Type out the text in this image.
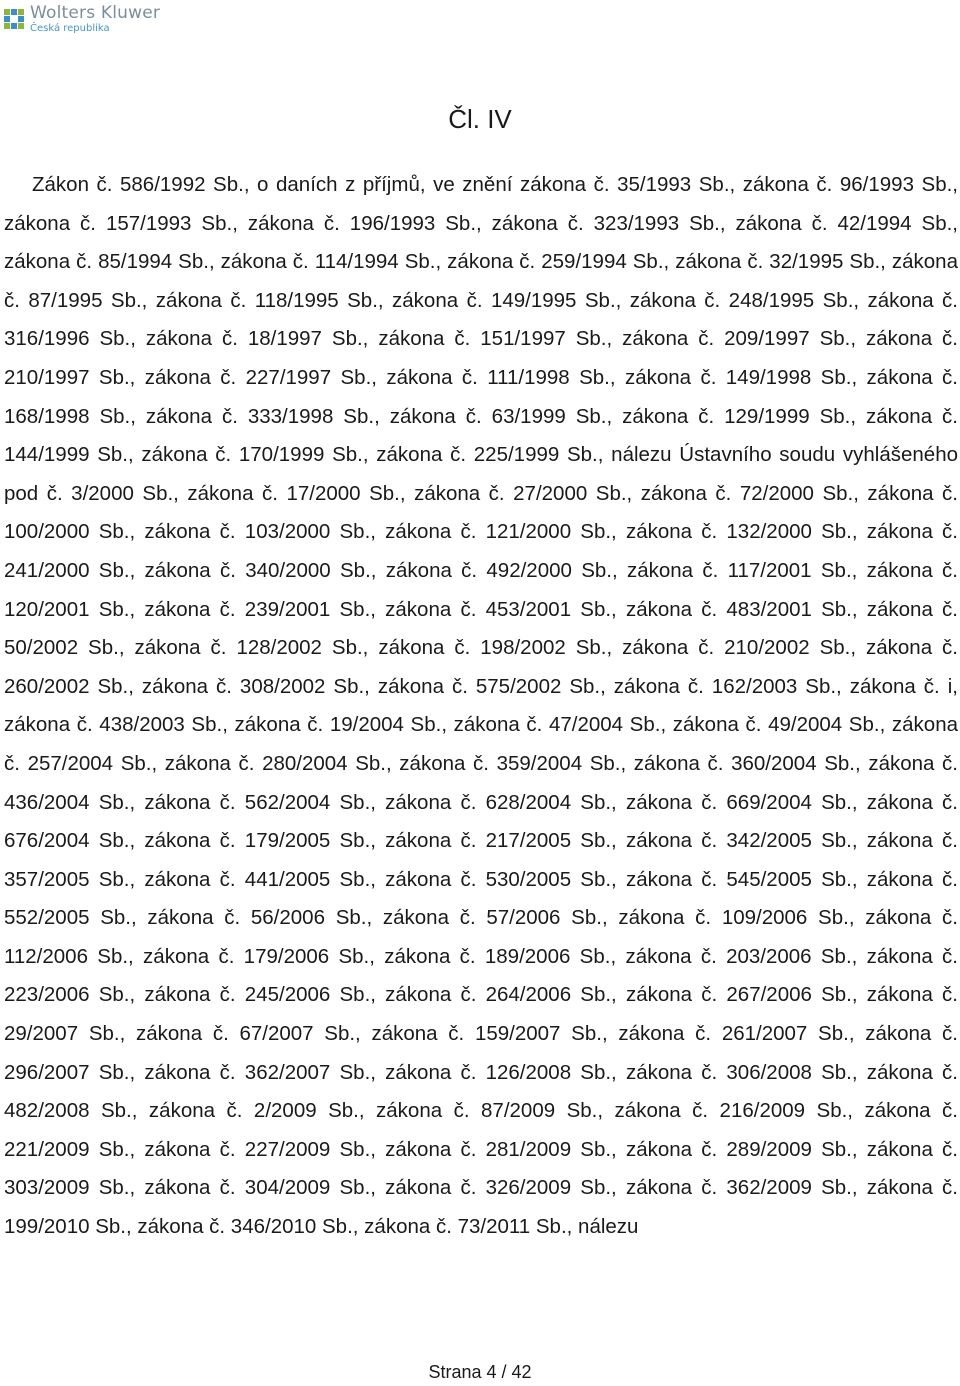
Wolters Kluwer
Česká republika
Čl. IV

Zákon č. 586/1992 Sb., o daních z příjmů, ve znění zákona č. 35/1993 Sb., zákona č. 96/1993 Sb., zákona č. 157/1993 Sb., zákona č. 196/1993 Sb., zákona č. 323/1993 Sb., zákona č. 42/1994 Sb., zákona č. 85/1994 Sb., zákona č. 114/1994 Sb., zákona č. 259/1994 Sb., zákona č. 32/1995 Sb., zákona č. 87/1995 Sb., zákona č. 118/1995 Sb., zákona č. 149/1995 Sb., zákona č. 248/1995 Sb., zákona č. 316/1996 Sb., zákona č. 18/1997 Sb., zákona č. 151/1997 Sb., zákona č. 209/1997 Sb., zákona č. 210/1997 Sb., zákona č. 227/1997 Sb., zákona č. 111/1998 Sb., zákona č. 149/1998 Sb., zákona č. 168/1998 Sb., zákona č. 333/1998 Sb., zákona č. 63/1999 Sb., zákona č. 129/1999 Sb., zákona č. 144/1999 Sb., zákona č. 170/1999 Sb., zákona č. 225/1999 Sb., nálezu Ústavního soudu vyhlášeného pod č. 3/2000 Sb., zákona č. 17/2000 Sb., zákona č. 27/2000 Sb., zákona č. 72/2000 Sb., zákona č. 100/2000 Sb., zákona č. 103/2000 Sb., zákona č. 121/2000 Sb., zákona č. 132/2000 Sb., zákona č. 241/2000 Sb., zákona č. 340/2000 Sb., zákona č. 492/2000 Sb., zákona č. 117/2001 Sb., zákona č. 120/2001 Sb., zákona č. 239/2001 Sb., zákona č. 453/2001 Sb., zákona č. 483/2001 Sb., zákona č. 50/2002 Sb., zákona č. 128/2002 Sb., zákona č. 198/2002 Sb., zákona č. 210/2002 Sb., zákona č. 260/2002 Sb., zákona č. 308/2002 Sb., zákona č. 575/2002 Sb., zákona č. 162/2003 Sb., zákona č. i, zákona č. 438/2003 Sb., zákona č. 19/2004 Sb., zákona č. 47/2004 Sb., zákona č. 49/2004 Sb., zákona č. 257/2004 Sb., zákona č. 280/2004 Sb., zákona č. 359/2004 Sb., zákona č. 360/2004 Sb., zákona č. 436/2004 Sb., zákona č. 562/2004 Sb., zákona č. 628/2004 Sb., zákona č. 669/2004 Sb., zákona č. 676/2004 Sb., zákona č. 179/2005 Sb., zákona č. 217/2005 Sb., zákona č. 342/2005 Sb., zákona č. 357/2005 Sb., zákona č. 441/2005 Sb., zákona č. 530/2005 Sb., zákona č. 545/2005 Sb., zákona č. 552/2005 Sb., zákona č. 56/2006 Sb., zákona č. 57/2006 Sb., zákona č. 109/2006 Sb., zákona č. 112/2006 Sb., zákona č. 179/2006 Sb., zákona č. 189/2006 Sb., zákona č. 203/2006 Sb., zákona č. 223/2006 Sb., zákona č. 245/2006 Sb., zákona č. 264/2006 Sb., zákona č. 267/2006 Sb., zákona č. 29/2007 Sb., zákona č. 67/2007 Sb., zákona č. 159/2007 Sb., zákona č. 261/2007 Sb., zákona č. 296/2007 Sb., zákona č. 362/2007 Sb., zákona č. 126/2008 Sb., zákona č. 306/2008 Sb., zákona č. 482/2008 Sb., zákona č. 2/2009 Sb., zákona č. 87/2009 Sb., zákona č. 216/2009 Sb., zákona č. 221/2009 Sb., zákona č. 227/2009 Sb., zákona č. 281/2009 Sb., zákona č. 289/2009 Sb., zákona č. 303/2009 Sb., zákona č. 304/2009 Sb., zákona č. 326/2009 Sb., zákona č. 362/2009 Sb., zákona č. 199/2010 Sb., zákona č. 346/2010 Sb., zákona č. 73/2011 Sb., nálezu

Strana 4 / 42
